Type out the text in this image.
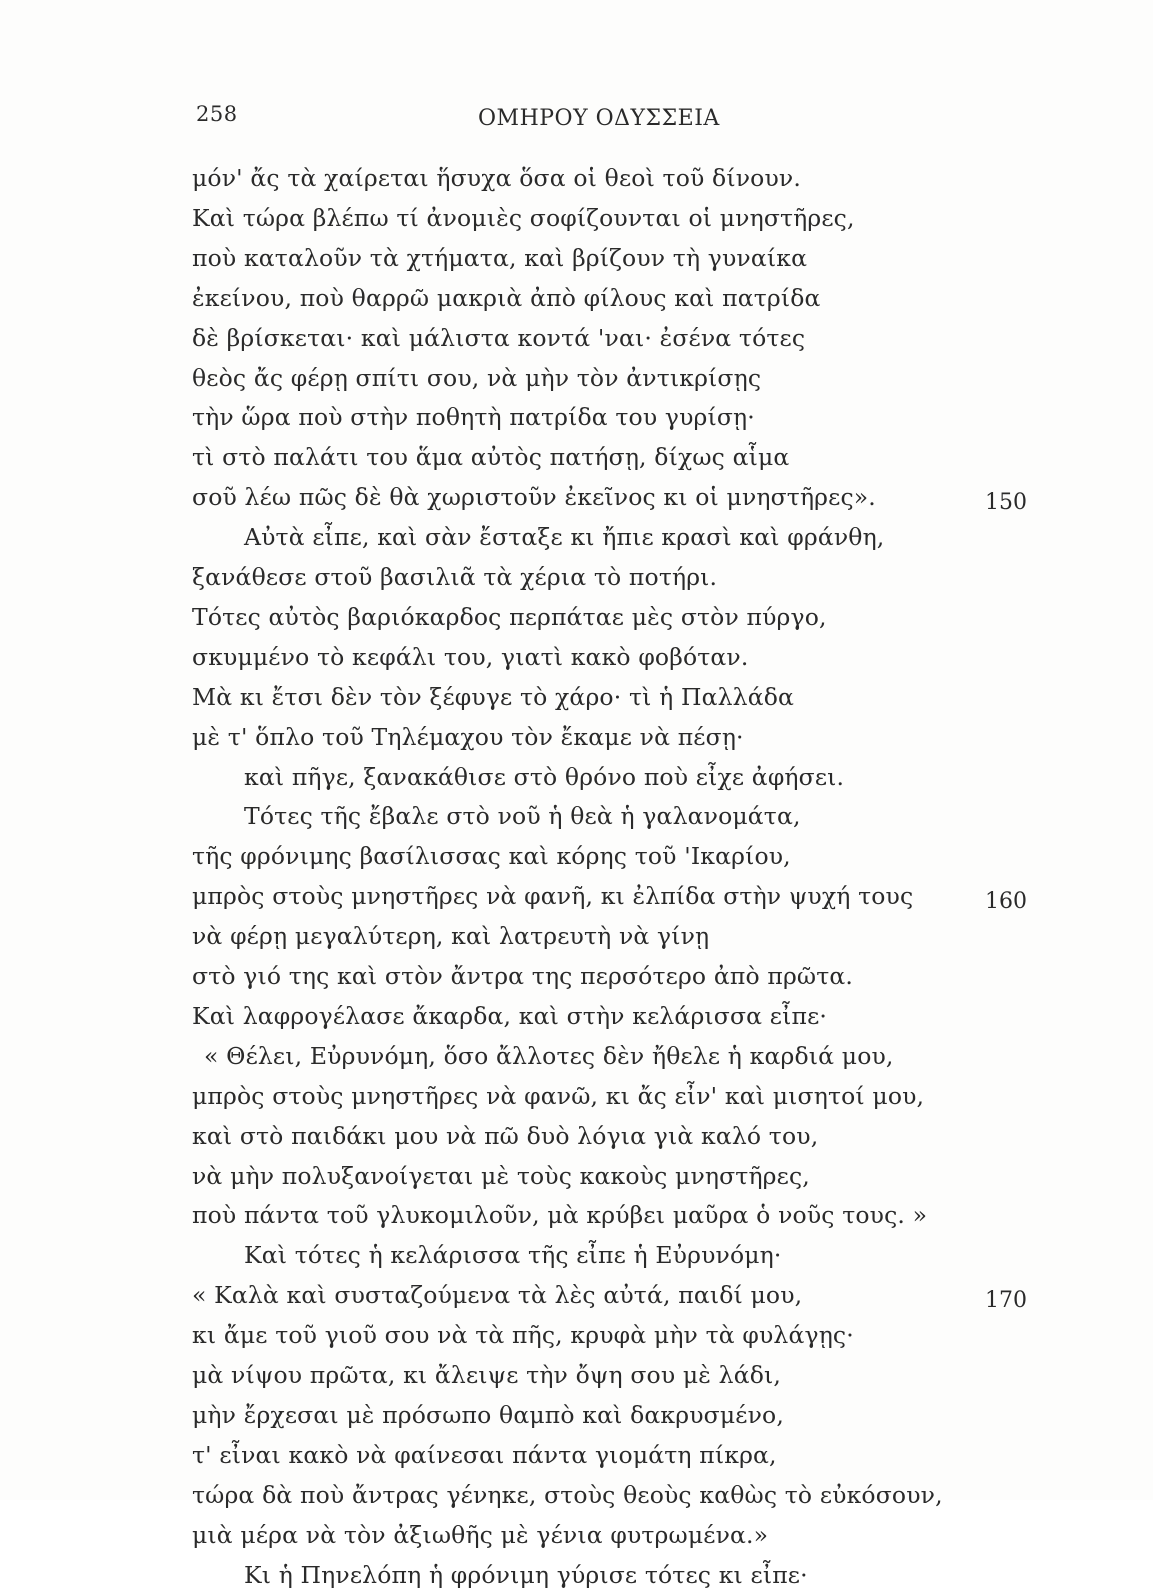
258	ΟΜΗΡΟΥ ΟΔΥΣΣΕΙΑ
μόν' ἄς τὰ χαίρεται ἥσυχα ὅσα οἱ θεοὶ τοῦ δίνουν.
Καὶ τώρα βλέπω τί ἀνομιὲς σοφίζουνται οἱ μνηστῆρες,
ποὺ καταλοῦν τὰ χτήματα, καὶ βρίζουν τὴ γυναίκα
ἐκείνου, ποὺ θαρρῶ μακριὰ ἀπὸ φίλους καὶ πατρίδα
δὲ βρίσκεται· καὶ μάλιστα κοντά 'ναι· ἐσένα τότες
θεὸς ἄς φέρῃ σπίτι σου, νὰ μὴν τὸν ἀντικρίσῃς
τὴν ὥρα ποὺ στὴν ποθητὴ πατρίδα του γυρίσῃ·
τὶ στὸ παλάτι του ἅμα αὐτὸς πατήσῃ, δίχως αἷμα
σοῦ λέω πῶς δὲ θὰ χωριστοῦν ἐκεῖνος κι οἱ μνηστῆρες».	150
Αὐτὰ εἶπε, καὶ σὰν ἔσταξε κι ἤπιε κρασὶ καὶ φράνθη,
ξανάθεσε στοῦ βασιλιᾶ τὰ χέρια τὸ ποτήρι.
Τότες αὐτὸς βαριόκαρδος περπάταε μὲς στὸν πύργο,
σκυμμένο τὸ κεφάλι του, γιατὶ κακὸ φοβόταν.
Μὰ κι ἔτσι δὲν τὸν ξέφυγε τὸ χάρο· τὶ ἡ Παλλάδα
μὲ τ' ὅπλο τοῦ Τηλέμαχου τὸν ἔκαμε νὰ πέσῃ·
καὶ πῆγε, ξανακάθισε στὸ θρόνο ποὺ εἶχε ἀφήσει.
Τότες τῆς ἔβαλε στὸ νοῦ ἡ θεὰ ἡ γαλανομάτα,
τῆς φρόνιμης βασίλισσας καὶ κόρης τοῦ 'Ικαρίου,
μπρὸς στοὺς μνηστῆρες νὰ φανῆ, κι ἐλπίδα στὴν ψυχή τους	160
νὰ φέρῃ μεγαλύτερη, καὶ λατρευτὴ νὰ γίνῃ
στὸ γιό της καὶ στὸν ἄντρα της περσότερο ἀπὸ πρῶτα.
Καὶ λαφρογέλασε ἄκαρδα, καὶ στὴν κελάρισσα εἶπε·
« Θέλει, Εὐρυνόμη, ὅσο ἄλλοτες δὲν ἤθελε ἡ καρδιά μου,
μπρὸς στοὺς μνηστῆρες νὰ φανῶ, κι ἄς εἶν' καὶ μισητοί μου,
καὶ στὸ παιδάκι μου νὰ πῶ δυὸ λόγια γιὰ καλό του,
νὰ μὴν πολυξανοίγεται μὲ τοὺς κακοὺς μνηστῆρες,
ποὺ πάντα τοῦ γλυκομιλοῦν, μὰ κρύβει μαῦρα ὁ νοῦς τους. »
Καὶ τότες ἡ κελάρισσα τῆς εἶπε ἡ Εὐρυνόμη·
« Καλὰ καὶ συσταζούμενα τὰ λὲς αὐτά, παιδί μου,	170
κι ἄμε τοῦ γιοῦ σου νὰ τὰ πῆς, κρυφὰ μὴν τὰ φυλάγῃς·
μὰ νίψου πρῶτα, κι ἄλειψε τὴν ὄψη σου μὲ λάδι,
μὴν ἔρχεσαι μὲ πρόσωπο θαμπὸ καὶ δακρυσμένο,
τ' εἶναι κακὸ νὰ φαίνεσαι πάντα γιομάτη πίκρα,
τώρα δὰ ποὺ ἄντρας γένηκε, στοὺς θεοὺς καθὼς τὸ εὐκόσουν,
μιὰ μέρα νὰ τὸν ἀξιωθῆς μὲ γένια φυτρωμένα.»
Κι ἡ Πηνελόπη ἡ φρόνιμη γύρισε τότες κι εἶπε·
